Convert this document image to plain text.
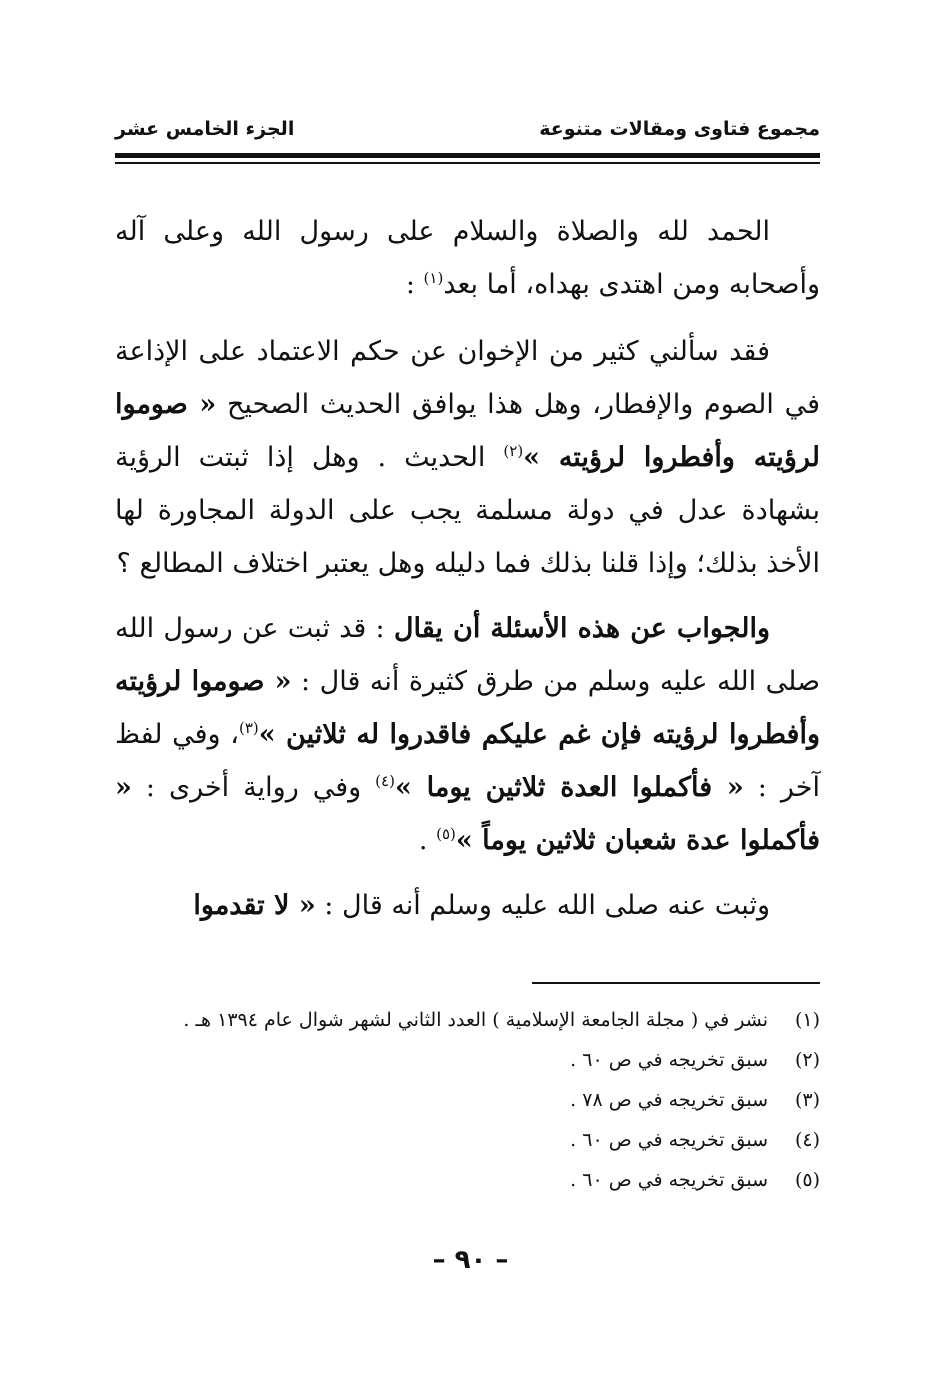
مجموع فتاوى ومقالات متنوعة
الجزء الخامس عشر

الحمد لله والصلاة والسلام على رسول الله وعلى آله وأصحابه ومن اهتدى بهداه، أما بعد$^{(١)}$ :

فقد سألني كثير من الإخوان عن حكم الاعتماد على الإذاعة في الصوم والإفطار، وهل هذا يوافق الحديث الصحيح « صوموا لرؤيته وأفطروا لرؤيته »$^{(٢)}$ الحديث . وهل إذا ثبتت الرؤية بشهادة عدل في دولة مسلمة يجب على الدولة المجاورة لها الأخذ بذلك؛ وإذا قلنا بذلك فما دليله وهل يعتبر اختلاف المطالع ؟

والجواب عن هذه الأسئلة أن يقال : قد ثبت عن رسول الله صلى الله عليه وسلم من طرق كثيرة أنه قال : « صوموا لرؤيته وأفطروا لرؤيته فإن غم عليكم فاقدروا له ثلاثين »$^{(٣)}$، وفي لفظ آخر : « فأكملوا العدة ثلاثين يوما »$^{(٤)}$ وفي رواية أخرى : « فأكملوا عدة شعبان ثلاثين يوماً »$^{(٥)}$ .

وثبت عنه صلى الله عليه وسلم أنه قال : « لا تقدموا

(١)
نشر في ( مجلة الجامعة الإسلامية ) العدد الثاني لشهر شوال عام ١٣٩٤ هـ .
(٢)
سبق تخريجه في ص ٦٠ .
(٣)
سبق تخريجه في ص ٧٨ .
(٤)
سبق تخريجه في ص ٦٠ .
(٥)
سبق تخريجه في ص ٦٠ .
– ٩٠ –
